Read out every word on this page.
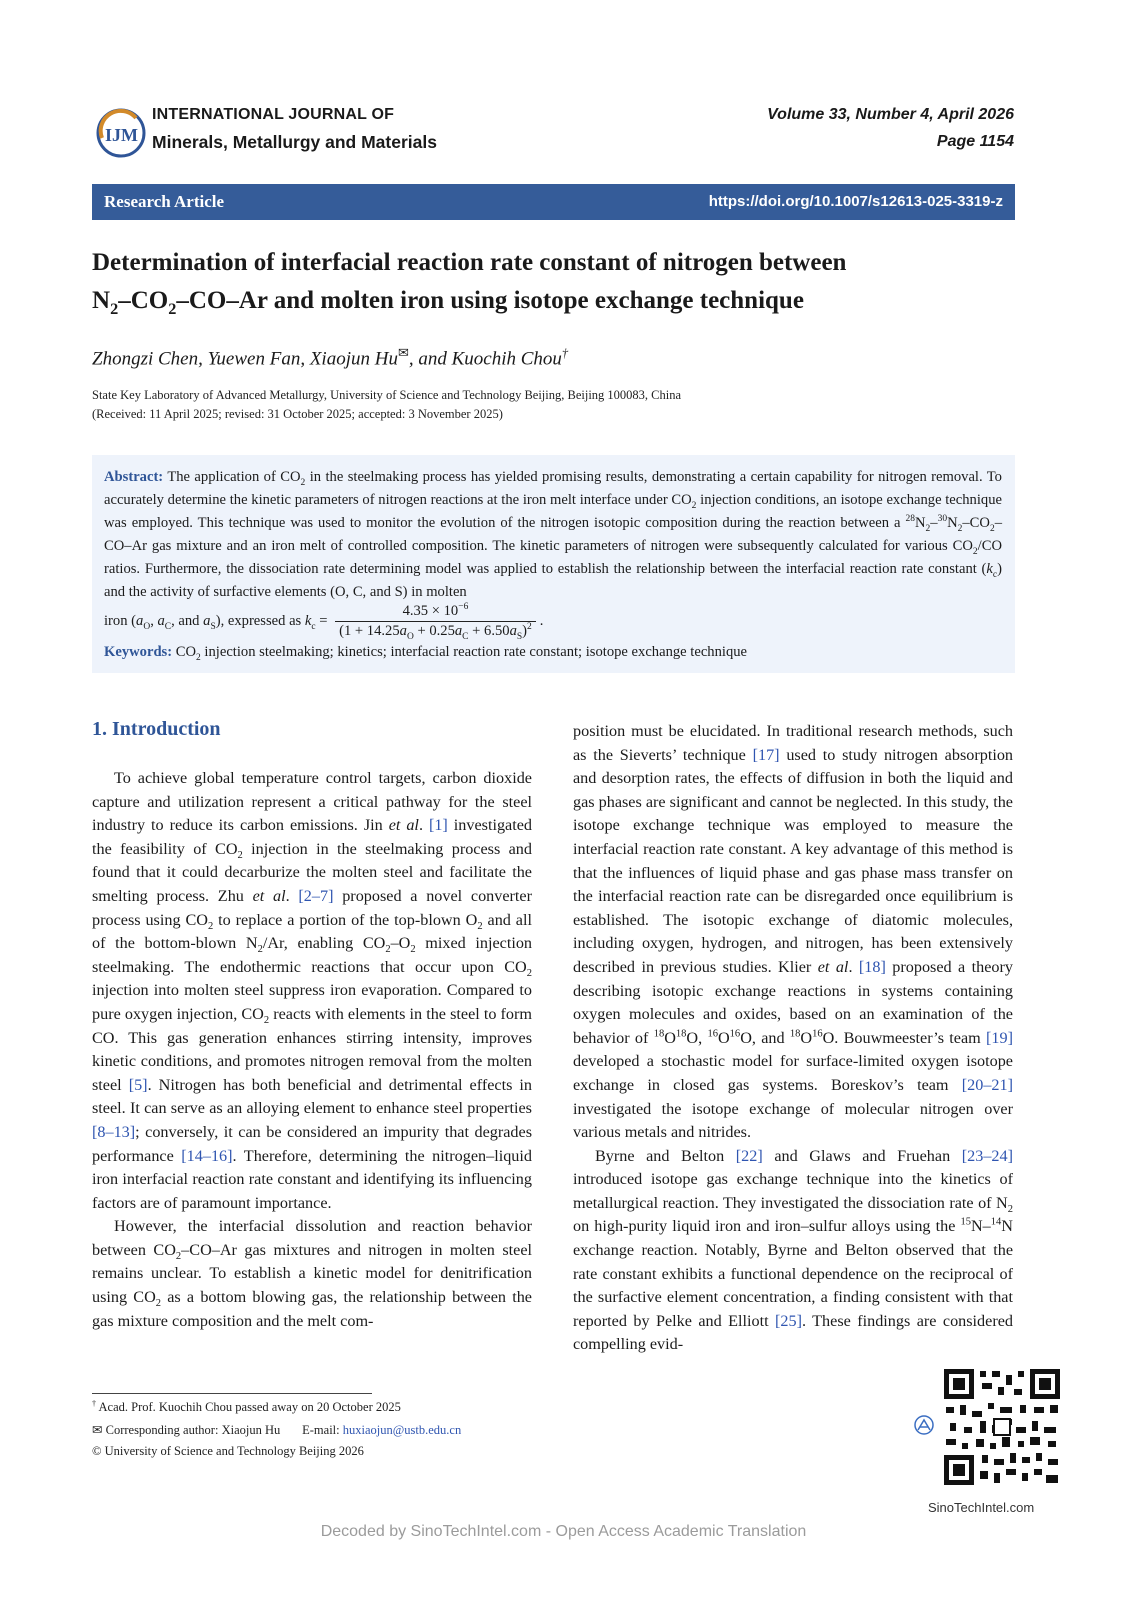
IJM
INTERNATIONAL JOURNAL OF
Minerals, Metallurgy and Materials
Volume 33, Number 4, April 2026
Page 1154
Research Article	https://doi.org/10.1007/s12613-025-3319-z
Determination of interfacial reaction rate constant of nitrogen between
$N_2-CO_2-CO-Ar$ and molten iron using isotope exchange technique
Zhongzi Chen, Yuewen Fan, Xiaojun Hu✉, and Kuochih Chou†
State Key Laboratory of Advanced Metallurgy, University of Science and Technology Beijing, Beijing 100083, China
(Received: 11 April 2025; revised: 31 October 2025; accepted: 3 November 2025)
Abstract: The application of $CO_2$ in the steelmaking process has yielded promising results, demonstrating a certain capability for nitrogen removal. To accurately determine the kinetic parameters of nitrogen reactions at the iron melt interface under $CO_2$ injection conditions, an isotope exchange technique was employed. This technique was used to monitor the evolution of the nitrogen isotopic composition during the reaction between a $^{28}N_2-^{30}N_2-CO_2-CO-Ar$ gas mixture and an iron melt of controlled composition. The kinetic parameters of nitrogen were subsequently calculated for various $CO_2/CO$ ratios. Furthermore, the dissociation rate determining model was applied to establish the relationship between the interfacial reaction rate constant $(k_c)$ and the activity of surfactive elements (O, C, and S) in molten
iron ($a_O$, $a_C$, and $a_S$), expressed as $k_c = \frac{4.35 \times 10^{-6}}{(1 + 14.25a_O + 0.25a_C + 6.50a_S)^2}$ .
Keywords: $CO_2$ injection steelmaking; kinetics; interfacial reaction rate constant; isotope exchange technique
1. Introduction

To achieve global temperature control targets, carbon dioxide capture and utilization represent a critical pathway for the steel industry to reduce its carbon emissions. Jin et al. [1] investigated the feasibility of $CO_2$ injection in the steelmaking process and found that it could decarburize the molten steel and facilitate the smelting process. Zhu et al. [2–7] proposed a novel converter process using $CO_2$ to replace a portion of the top-blown $O_2$ and all of the bottom-blown $N_2/Ar$, enabling $CO_2-O_2$ mixed injection steelmaking. The endothermic reactions that occur upon $CO_2$ injection into molten steel suppress iron evaporation. Compared to pure oxygen injection, $CO_2$ reacts with elements in the steel to form CO. This gas generation enhances stirring intensity, improves kinetic conditions, and promotes nitrogen removal from the molten steel [5]. Nitrogen has both beneficial and detrimental effects in steel. It can serve as an alloying element to enhance steel properties [8–13]; conversely, it can be considered an impurity that degrades performance [14–16]. Therefore, determining the nitrogen–liquid iron interfacial reaction rate constant and identifying its influencing factors are of paramount importance.

However, the interfacial dissolution and reaction behavior between $CO_2-CO-Ar$ gas mixtures and nitrogen in molten steel remains unclear. To establish a kinetic model for denitrification using $CO_2$ as a bottom blowing gas, the relationship between the gas mixture composition and the melt com-

position must be elucidated. In traditional research methods, such as the Sieverts’ technique [17] used to study nitrogen absorption and desorption rates, the effects of diffusion in both the liquid and gas phases are significant and cannot be neglected. In this study, the isotope exchange technique was employed to measure the interfacial reaction rate constant. A key advantage of this method is that the influences of liquid phase and gas phase mass transfer on the interfacial reaction rate can be disregarded once equilibrium is established. The isotopic exchange of diatomic molecules, including oxygen, hydrogen, and nitrogen, has been extensively described in previous studies. Klier et al. [18] proposed a theory describing isotopic exchange reactions in systems containing oxygen molecules and oxides, based on an examination of the behavior of $^{18}O^{18}O$, $^{16}O^{16}O$, and $^{18}O^{16}O$. Bouwmeester’s team [19] developed a stochastic model for surface-limited oxygen isotope exchange in closed gas systems. Boreskov’s team [20–21] investigated the isotope exchange of molecular nitrogen over various metals and nitrides.

Byrne and Belton [22] and Glaws and Fruehan [23–24] introduced isotope gas exchange technique into the kinetics of metallurgical reaction. They investigated the dissociation rate of $N_2$ on high-purity liquid iron and iron–sulfur alloys using the $^{15}$N–$^{14}$N exchange reaction. Notably, Byrne and Belton observed that the rate constant exhibits a functional dependence on the reciprocal of the surfactive element concentration, a finding consistent with that reported by Pelke and Elliott [25]. These findings are considered compelling evid-

† Acad. Prof. Kuochih Chou passed away on 20 October 2025
✉ Corresponding author: Xiaojun Hu E-mail: huxiaojun@ustb.edu.cn
© University of Science and Technology Beijing 2026
SinoTechIntel.com
Decoded by SinoTechIntel.com - Open Access Academic Translation
